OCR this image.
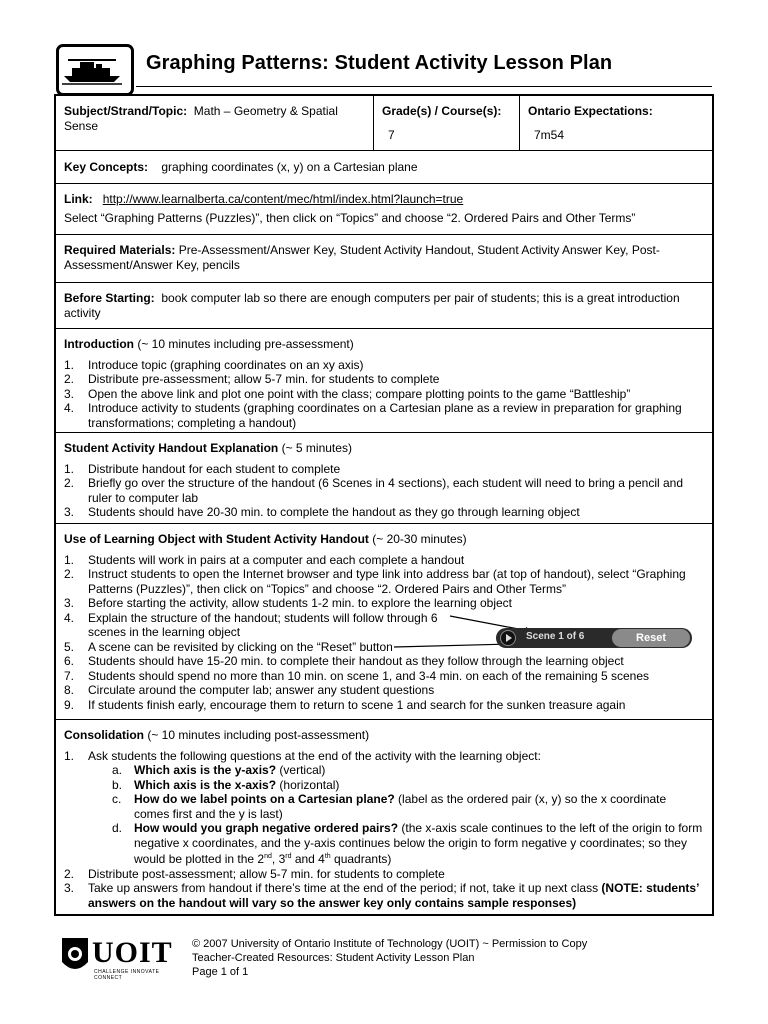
Graphing Patterns: Student Activity Lesson Plan
Subject/Strand/Topic: Math – Geometry & Spatial Sense
Grade(s) / Course(s):
7
Ontario Expectations:
7m54
Key Concepts: graphing coordinates (x, y) on a Cartesian plane

Link: http://www.learnalberta.ca/content/mec/html/index.html?launch=true

Select “Graphing Patterns (Puzzles)”, then click on “Topics” and choose “2. Ordered Pairs and Other Terms”

Required Materials: Pre-Assessment/Answer Key, Student Activity Handout, Student Activity Answer Key, Post-Assessment/Answer Key, pencils
Before Starting: book computer lab so there are enough computers per pair of students; this is a great introduction activity

Introduction (~ 10 minutes including pre-assessment)

1. Introduce topic (graphing coordinates on an xy axis)
2. Distribute pre-assessment; allow 5-7 min. for students to complete
3. Open the above link and plot one point with the class; compare plotting points to the game “Battleship”
4. Introduce activity to students (graphing coordinates on a Cartesian plane as a review in preparation for graphing transformations; completing a handout)

Student Activity Handout Explanation (~ 5 minutes)

1. Distribute handout for each student to complete
2. Briefly go over the structure of the handout (6 Scenes in 4 sections), each student will need to bring a pencil and ruler to computer lab
3. Students should have 20-30 min. to complete the handout as they go through learning object

Use of Learning Object with Student Activity Handout (~ 20-30 minutes)

1. Students will work in pairs at a computer and each complete a handout
2. Instruct students to open the Internet browser and type link into address bar (at top of handout), select “Graphing Patterns (Puzzles)”, then click on “Topics” and choose “2. Ordered Pairs and Other Terms”
3. Before starting the activity, allow students 1-2 min. to explore the learning object
4. Explain the structure of the handout; students will follow through 6 scenes in the learning object
5. A scene can be revisited by clicking on the “Reset” button
6. Students should have 15-20 min. to complete their handout as they follow through the learning object
7. Students should spend no more than 10 min. on scene 1, and 3-4 min. on each of the remaining 5 scenes
8. Circulate around the computer lab; answer any student questions
9. If students finish early, encourage them to return to scene 1 and search for the sunken treasure again

Consolidation (~ 10 minutes including post-assessment)

1. Ask students the following questions at the end of the activity with the learning object:
a. Which axis is the y-axis? (vertical)
b. Which axis is the x-axis? (horizontal)
c. How do we label points on a Cartesian plane? (label as the ordered pair (x, y) so the x coordinate comes first and the y is last)
d. How would you graph negative ordered pairs? (the x-axis scale continues to the left of the origin to form negative x coordinates, and the y-axis continues below the origin to form negative y coordinates; so they would be plotted in the 2nd, 3rd and 4th quadrants)
2. Distribute post-assessment; allow 5-7 min. for students to complete
3. Take up answers from handout if there’s time at the end of the period; if not, take it up next class (NOTE: students’ answers on the handout will vary so the answer key only contains sample responses)
Scene 1 of 6	Reset
UOIT
CHALLENGE INNOVATE CONNECT
© 2007 University of Ontario Institute of Technology (UOIT) ~ Permission to Copy
Teacher-Created Resources: Student Activity Lesson Plan
Page 1 of 1
